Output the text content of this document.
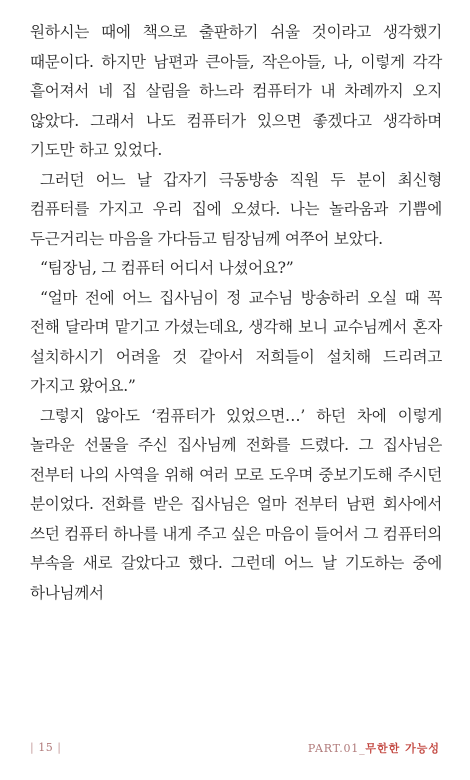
원하시는 때에 책으로 출판하기 쉬울 것이라고 생각했기 때문이다. 하지만 남편과 큰아들, 작은아들, 나, 이렇게 각각 흩어져서 네 집 살림을 하느라 컴퓨터가 내 차례까지 오지 않았다. 그래서 나도 컴퓨터가 있으면 좋겠다고 생각하며 기도만 하고 있었다.

그러던 어느 날 갑자기 극동방송 직원 두 분이 최신형 컴퓨터를 가지고 우리 집에 오셨다. 나는 놀라움과 기쁨에 두근거리는 마음을 가다듬고 팀장님께 여쭈어 보았다.

“팀장님, 그 컴퓨터 어디서 나셨어요?”

“얼마 전에 어느 집사님이 정 교수님 방송하러 오실 때 꼭 전해 달라며 맡기고 가셨는데요, 생각해 보니 교수님께서 혼자 설치하시기 어려울 것 같아서 저희들이 설치해 드리려고 가지고 왔어요.”

그렇지 않아도 ‘컴퓨터가 있었으면…’ 하던 차에 이렇게 놀라운 선물을 주신 집사님께 전화를 드렸다. 그 집사님은 전부터 나의 사역을 위해 여러 모로 도우며 중보기도해 주시던 분이었다. 전화를 받은 집사님은 얼마 전부터 남편 회사에서 쓰던 컴퓨터 하나를 내게 주고 싶은 마음이 들어서 그 컴퓨터의 부속을 새로 갈았다고 했다. 그런데 어느 날 기도하는 중에 하나님께서

| 15 |	PART.01_무한한 가능성
